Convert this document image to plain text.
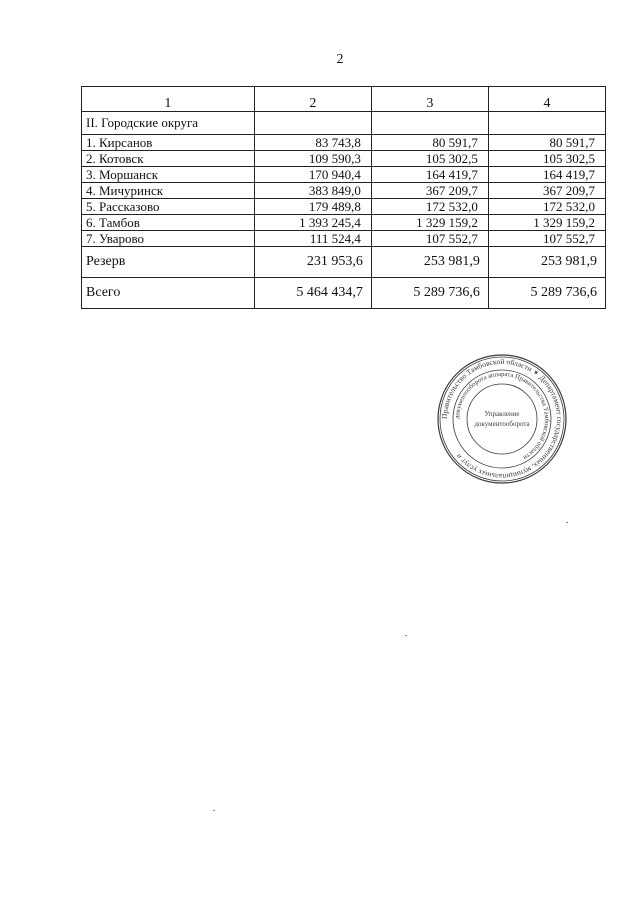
2
1	2	3	4
II. Городские округа			
1. Кирсанов	83 743,8	80 591,7	80 591,7
2. Котовск	109 590,3	105 302,5	105 302,5
3. Моршанск	170 940,4	164 419,7	164 419,7
4. Мичуринск	383 849,0	367 209,7	367 209,7
5. Рассказово	179 489,8	172 532,0	172 532,0
6. Тамбов	1 393 245,4	1 329 159,2	1 329 159,2
7. Уварово	111 524,4	107 552,7	107 552,7
Резерв	231 953,6	253 981,9	253 981,9
Всего	5 464 434,7	5 289 736,6	5 289 736,6
Правительство Тамбовской области ✶ Департамент государственных, муниципальных услуг и
документооборота аппарата Правительства Тамбовской области
Управление
документооборота
